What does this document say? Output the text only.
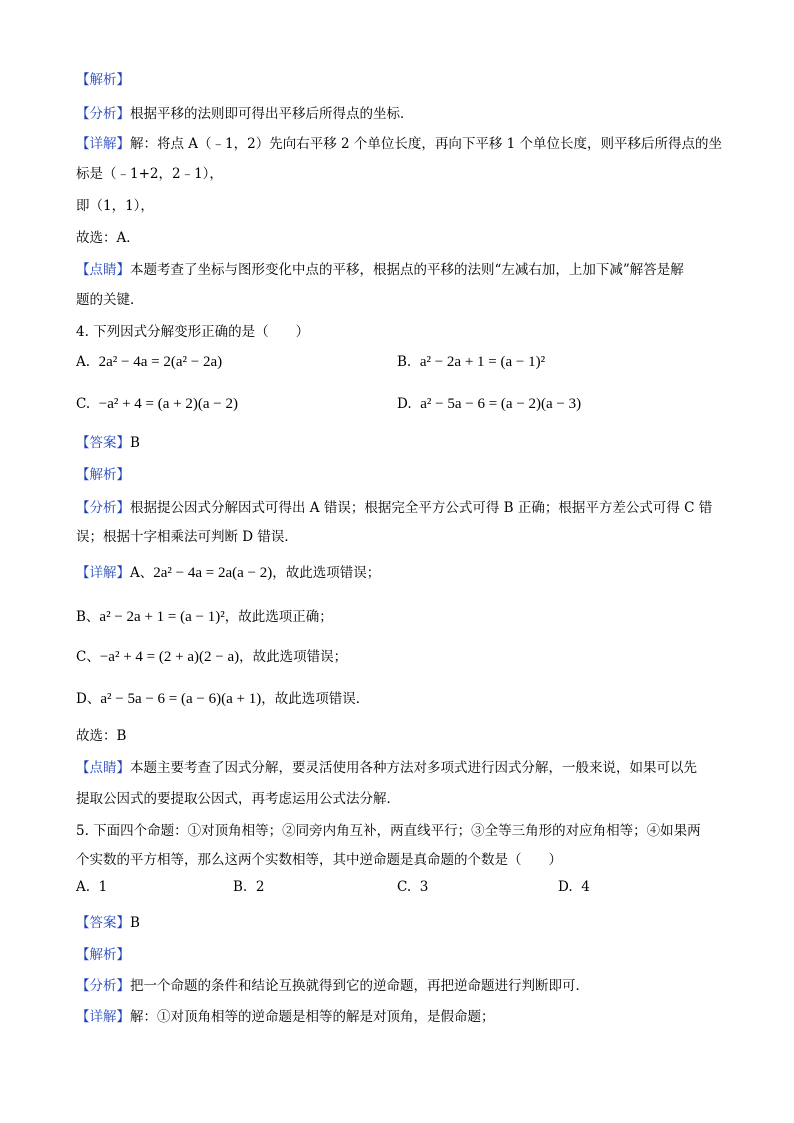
【解析】
【分析】根据平移的法则即可得出平移后所得点的坐标．
【详解】解：将点 A（﹣1，2）先向右平移 2 个单位长度，再向下平移 1 个单位长度，则平移后所得点的坐
标是（﹣1+2，2﹣1），
即（1，1），
故选：A．
【点睛】本题考查了坐标与图形变化中点的平移，根据点的平移的法则“左减右加，上加下减”解答是解
题的关键．
4. 下列因式分解变形正确的是（　　）
A. 2a² − 4a = 2(a² − 2a)	B. a² − 2a + 1 = (a − 1)²
C. −a² + 4 = (a + 2)(a − 2)	D. a² − 5a − 6 = (a − 2)(a − 3)
【答案】B
【解析】
【分析】根据提公因式分解因式可得出 A 错误；根据完全平方公式可得 B 正确；根据平方差公式可得 C 错
误；根据十字相乘法可判断 D 错误．
【详解】A、2a² − 4a = 2a(a − 2)，故此选项错误；
B、a² − 2a + 1 = (a − 1)²，故此选项正确；
C、−a² + 4 = (2 + a)(2 − a)，故此选项错误；
D、a² − 5a − 6 = (a − 6)(a + 1)，故此选项错误．
故选：B
【点睛】本题主要考查了因式分解，要灵活使用各种方法对多项式进行因式分解，一般来说，如果可以先
提取公因式的要提取公因式，再考虑运用公式法分解．
5. 下面四个命题：①对顶角相等；②同旁内角互补，两直线平行；③全等三角形的对应角相等；④如果两
个实数的平方相等，那么这两个实数相等，其中逆命题是真命题的个数是（　　）
A. 1	B. 2	C. 3	D. 4
【答案】B
【解析】
【分析】把一个命题的条件和结论互换就得到它的逆命题，再把逆命题进行判断即可．
【详解】解：①对顶角相等的逆命题是相等的解是对顶角，是假命题；
